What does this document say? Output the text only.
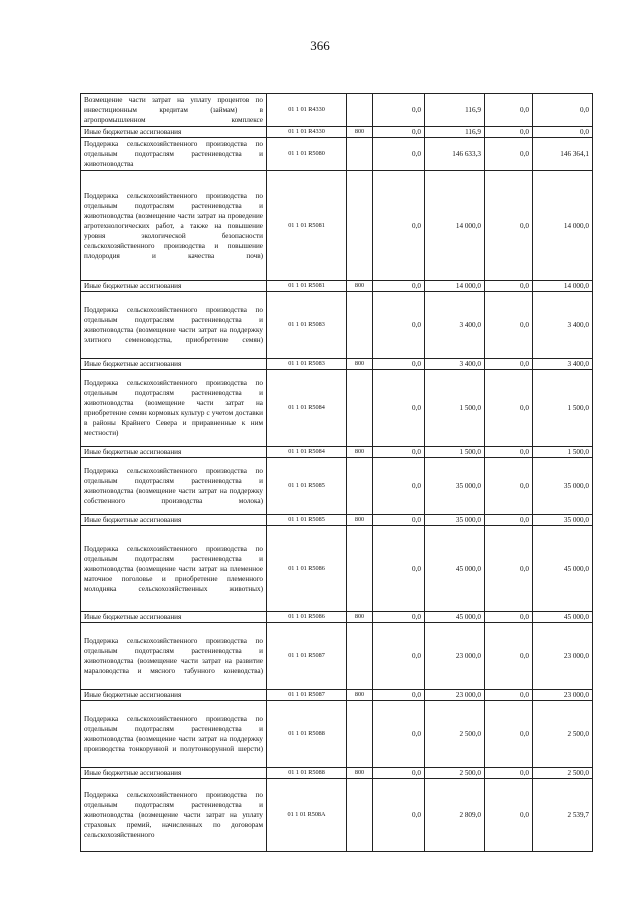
366
Возмещение части затрат на уплату процентов по инвестиционным кредитам (займам) в агропромышленном комплексе	01 1 01 R4330		0,0	116,9	0,0	0,0
Иные бюджетные ассигнования	01 1 01 R4330	800	0,0	116,9	0,0	0,0
Поддержка сельскохозяйственного производства по отдельным подотраслям растениеводства и животноводства	01 1 01 R5080		0,0	146 633,3	0,0	146 364,1
Поддержка сельскохозяйственного производства по отдельным подотраслям растениеводства и животноводства (возмещение части затрат на проведение агротехнологических работ, а также на повышение уровня экологической безопасности сельскохозяйственного производства и повышение плодородия и качества почв)	01 1 01 R5081		0,0	14 000,0	0,0	14 000,0
Иные бюджетные ассигнования	01 1 01 R5081	800	0,0	14 000,0	0,0	14 000,0
Поддержка сельскохозяйственного производства по отдельным подотраслям растениеводства и животноводства (возмещение части затрат на поддержку элитного семеноводства, приобретение семян)	01 1 01 R5083		0,0	3 400,0	0,0	3 400,0
Иные бюджетные ассигнования	01 1 01 R5083	800	0,0	3 400,0	0,0	3 400,0
Поддержка сельскохозяйственного производства по отдельным подотраслям растениеводства и животноводства (возмещение части затрат на приобретение семян кормовых культур с учетом доставки в районы Крайнего Севера и приравненные к ним местности)	01 1 01 R5084		0,0	1 500,0	0,0	1 500,0
Иные бюджетные ассигнования	01 1 01 R5084	800	0,0	1 500,0	0,0	1 500,0
Поддержка сельскохозяйственного производства по отдельным подотраслям растениеводства и животноводства (возмещение части затрат на поддержку собственного производства молока)	01 1 01 R5085		0,0	35 000,0	0,0	35 000,0
Иные бюджетные ассигнования	01 1 01 R5085	800	0,0	35 000,0	0,0	35 000,0
Поддержка сельскохозяйственного производства по отдельным подотраслям растениеводства и животноводства (возмещение части затрат на племенное маточное поголовье и приобретение племенного молодняка сельскохозяйственных животных)	01 1 01 R5086		0,0	45 000,0	0,0	45 000,0
Иные бюджетные ассигнования	01 1 01 R5086	800	0,0	45 000,0	0,0	45 000,0
Поддержка сельскохозяйственного производства по отдельным подотраслям растениеводства и животноводства (возмещение части затрат на развитие мараловодства и мясного табунного коневодства)	01 1 01 R5087		0,0	23 000,0	0,0	23 000,0
Иные бюджетные ассигнования	01 1 01 R5087	800	0,0	23 000,0	0,0	23 000,0
Поддержка сельскохозяйственного производства по отдельным подотраслям растениеводства и животноводства (возмещение части затрат на поддержку производства тонкорунной и полутонкорунной шерсти)	01 1 01 R5088		0,0	2 500,0	0,0	2 500,0
Иные бюджетные ассигнования	01 1 01 R5088	800	0,0	2 500,0	0,0	2 500,0
Поддержка сельскохозяйственного производства по отдельным подотраслям растениеводства и животноводства (возмещение части затрат на уплату страховых премий, начисленных по договорам сельскохозяйственного	01 1 01 R508A		0,0	2 809,0	0,0	2 539,7
